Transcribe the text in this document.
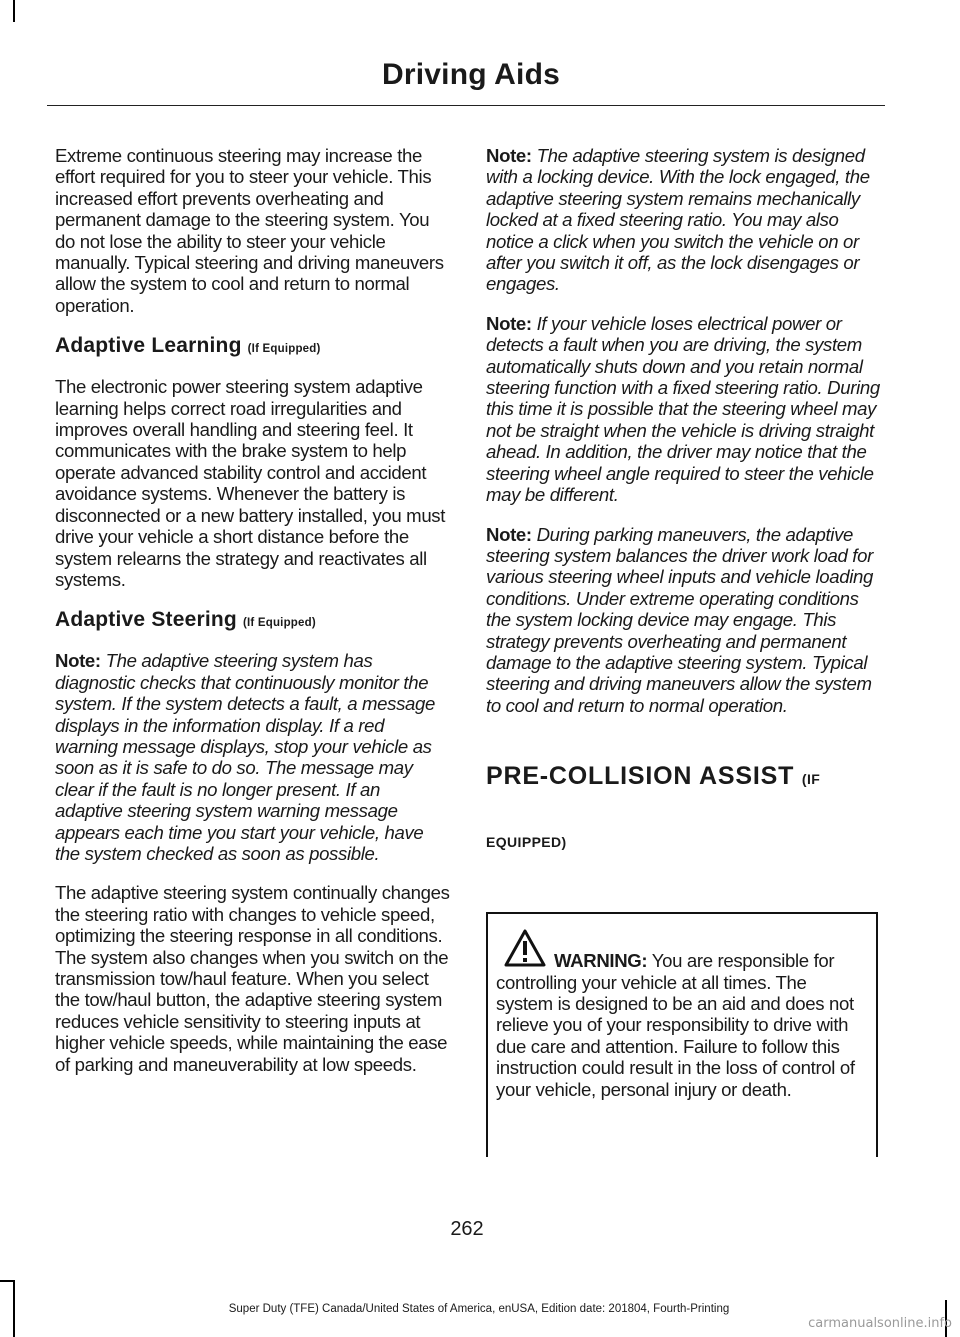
Driving Aids

Extreme continuous steering may increase the effort required for you to steer your vehicle. This increased effort prevents overheating and permanent damage to the steering system. You do not lose the ability to steer your vehicle manually. Typical steering and driving maneuvers allow the system to cool and return to normal operation.

Adaptive Learning (If Equipped)

The electronic power steering system adaptive learning helps correct road irregularities and improves overall handling and steering feel. It communicates with the brake system to help operate advanced stability control and accident avoidance systems. Whenever the battery is disconnected or a new battery installed, you must drive your vehicle a short distance before the system relearns the strategy and reactivates all systems.

Adaptive Steering (If Equipped)

Note: The adaptive steering system has diagnostic checks that continuously monitor the system. If the system detects a fault, a message displays in the information display. If a red warning message displays, stop your vehicle as soon as it is safe to do so. The message may clear if the fault is no longer present. If an adaptive steering system warning message appears each time you start your vehicle, have the system checked as soon as possible.

The adaptive steering system continually changes the steering ratio with changes to vehicle speed, optimizing the steering response in all conditions. The system also changes when you switch on the transmission tow/haul feature. When you select the tow/haul button, the adaptive steering system reduces vehicle sensitivity to steering inputs at higher vehicle speeds, while maintaining the ease of parking and maneuverability at low speeds.

Note: The adaptive steering system is designed with a locking device. With the lock engaged, the adaptive steering system remains mechanically locked at a fixed steering ratio. You may also notice a click when you switch the vehicle on or after you switch it off, as the lock disengages or engages.

Note: If your vehicle loses electrical power or detects a fault when you are driving, the system automatically shuts down and you retain normal steering function with a fixed steering ratio. During this time it is possible that the steering wheel may not be straight when the vehicle is driving straight ahead. In addition, the driver may notice that the steering wheel angle required to steer the vehicle may be different.

Note: During parking maneuvers, the adaptive steering system balances the driver work load for various steering wheel inputs and vehicle loading conditions. Under extreme operating conditions the system locking device may engage. This strategy prevents overheating and permanent damage to the adaptive steering system. Typical steering and driving maneuvers allow the system to cool and return to normal operation.

PRE-COLLISION ASSIST (IF
EQUIPPED)

WARNING: You are responsible for controlling your vehicle at all times. The system is designed to be an aid and does not relieve you of your responsibility to drive with due care and attention. Failure to follow this instruction could result in the loss of control of your vehicle, personal injury or death.

262
Super Duty (TFE) Canada/United States of America, enUSA, Edition date: 201804, Fourth-Printing
carmanualsonline.info
